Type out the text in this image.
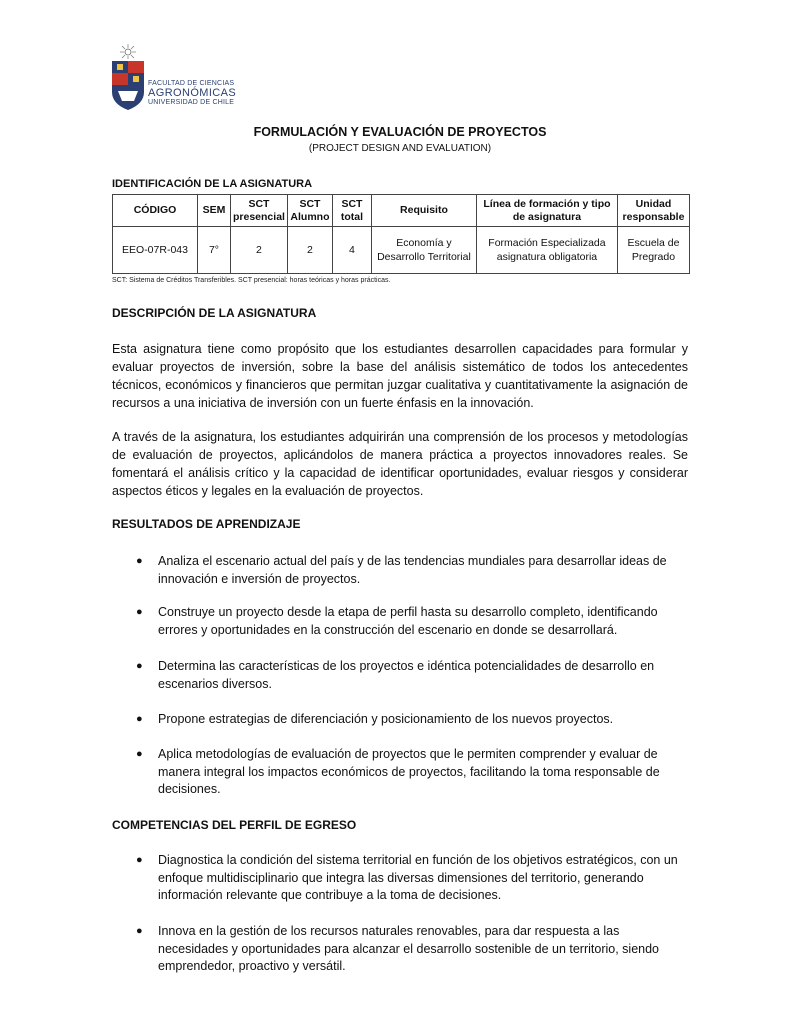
FACULTAD DE CIENCIAS
AGRONÓMICAS
UNIVERSIDAD DE CHILE
FORMULACIÓN Y EVALUACIÓN DE PROYECTOS
(PROJECT DESIGN AND EVALUATION)
IDENTIFICACIÓN DE LA ASIGNATURA
CÓDIGO	SEM	SCT presencial	SCT Alumno	SCT total	Requisito	Línea de formación y tipo de asignatura	Unidad responsable
EEO-07R-043	7°	2	2	4	Economía y Desarrollo Territorial	Formación Especializada asignatura obligatoria	Escuela de Pregrado
SCT: Sistema de Créditos Transferibles. SCT presencial: horas teóricas y horas prácticas.
DESCRIPCIÓN DE LA ASIGNATURA
Esta asignatura tiene como propósito que los estudiantes desarrollen capacidades para formular y evaluar proyectos de inversión, sobre la base del análisis sistemático de todos los antecedentes técnicos, económicos y financieros que permitan juzgar cualitativa y cuantitativamente la asignación de recursos a una iniciativa de inversión con un fuerte énfasis en la innovación.
A través de la asignatura, los estudiantes adquirirán una comprensión de los procesos y metodologías de evaluación de proyectos, aplicándolos de manera práctica a proyectos innovadores reales. Se fomentará el análisis crítico y la capacidad de identificar oportunidades, evaluar riesgos y considerar aspectos éticos y legales en la evaluación de proyectos.
RESULTADOS DE APRENDIZAJE
● Analiza el escenario actual del país y de las tendencias mundiales para desarrollar ideas de innovación e inversión de proyectos.
● Construye un proyecto desde la etapa de perfil hasta su desarrollo completo, identificando errores y oportunidades en la construcción del escenario en donde se desarrollará.
● Determina las características de los proyectos e idéntica potencialidades de desarrollo en escenarios diversos.
● Propone estrategias de diferenciación y posicionamiento de los nuevos proyectos.
● Aplica metodologías de evaluación de proyectos que le permiten comprender y evaluar de manera integral los impactos económicos de proyectos, facilitando la toma responsable de decisiones.
COMPETENCIAS DEL PERFIL DE EGRESO
● Diagnostica la condición del sistema territorial en función de los objetivos estratégicos, con un enfoque multidisciplinario que integra las diversas dimensiones del territorio, generando información relevante que contribuye a la toma de decisiones.
● Innova en la gestión de los recursos naturales renovables, para dar respuesta a las necesidades y oportunidades para alcanzar el desarrollo sostenible de un territorio, siendo emprendedor, proactivo y versátil.
